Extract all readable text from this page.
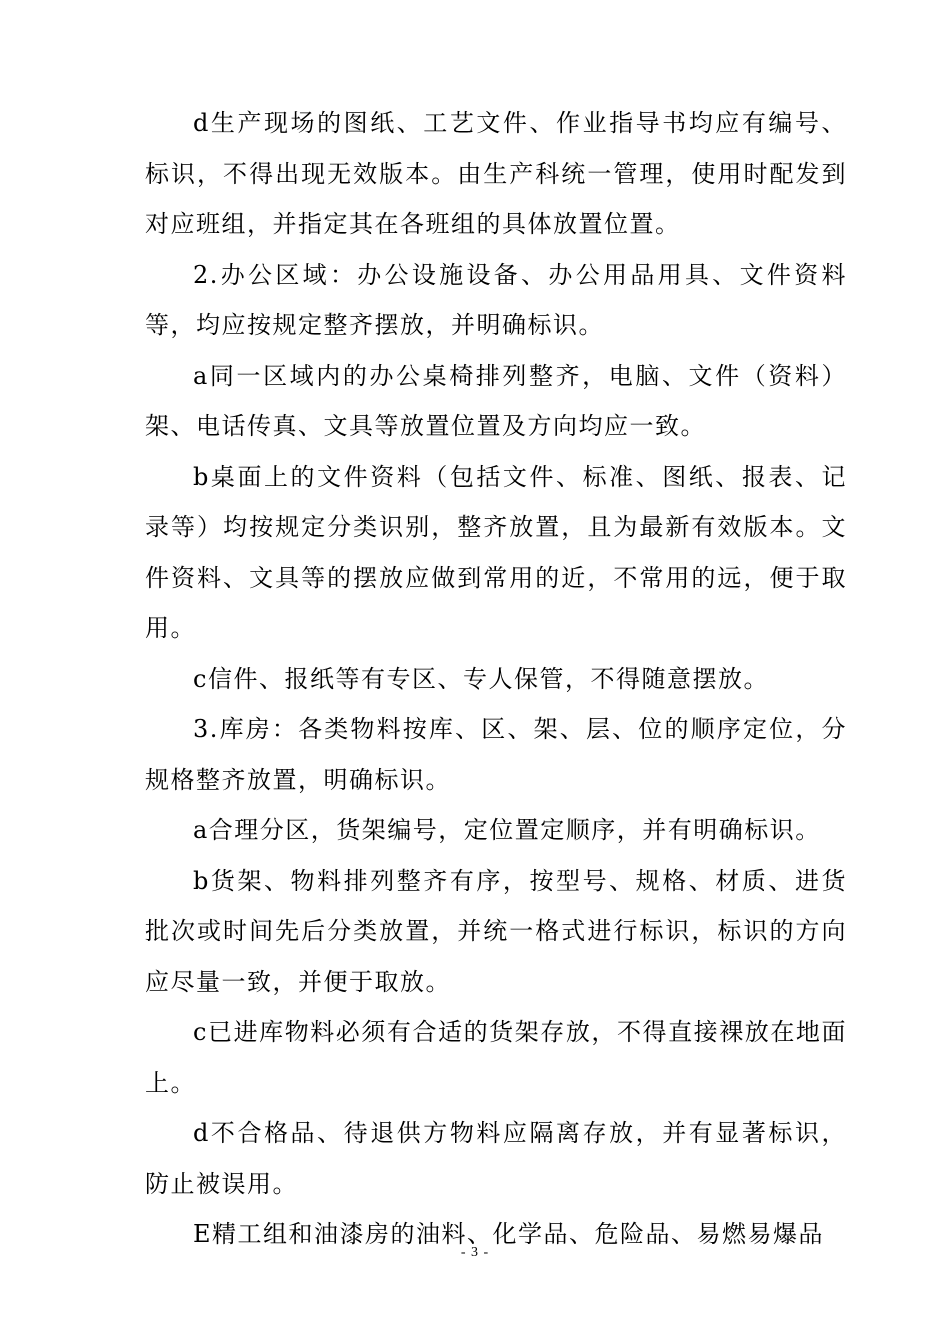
d生产现场的图纸、工艺文件、作业指导书均应有编号、标识，不得出现无效版本。由生产科统一管理，使用时配发到对应班组，并指定其在各班组的具体放置位置。

2.办公区域：办公设施设备、办公用品用具、文件资料等，均应按规定整齐摆放，并明确标识。

a同一区域内的办公桌椅排列整齐，电脑、文件（资料）架、电话传真、文具等放置位置及方向均应一致。

b桌面上的文件资料（包括文件、标准、图纸、报表、记录等）均按规定分类识别，整齐放置，且为最新有效版本。文件资料、文具等的摆放应做到常用的近，不常用的远，便于取用。

c信件、报纸等有专区、专人保管，不得随意摆放。

3.库房：各类物料按库、区、架、层、位的顺序定位，分规格整齐放置，明确标识。

a合理分区，货架编号，定位置定顺序，并有明确标识。

b货架、物料排列整齐有序，按型号、规格、材质、进货批次或时间先后分类放置，并统一格式进行标识，标识的方向应尽量一致，并便于取放。

c已进库物料必须有合适的货架存放，不得直接裸放在地面上。

d不合格品、待退供方物料应隔离存放，并有显著标识，防止被误用。

E精工组和油漆房的油料、化学品、危险品、易燃易爆品

- 3 -
